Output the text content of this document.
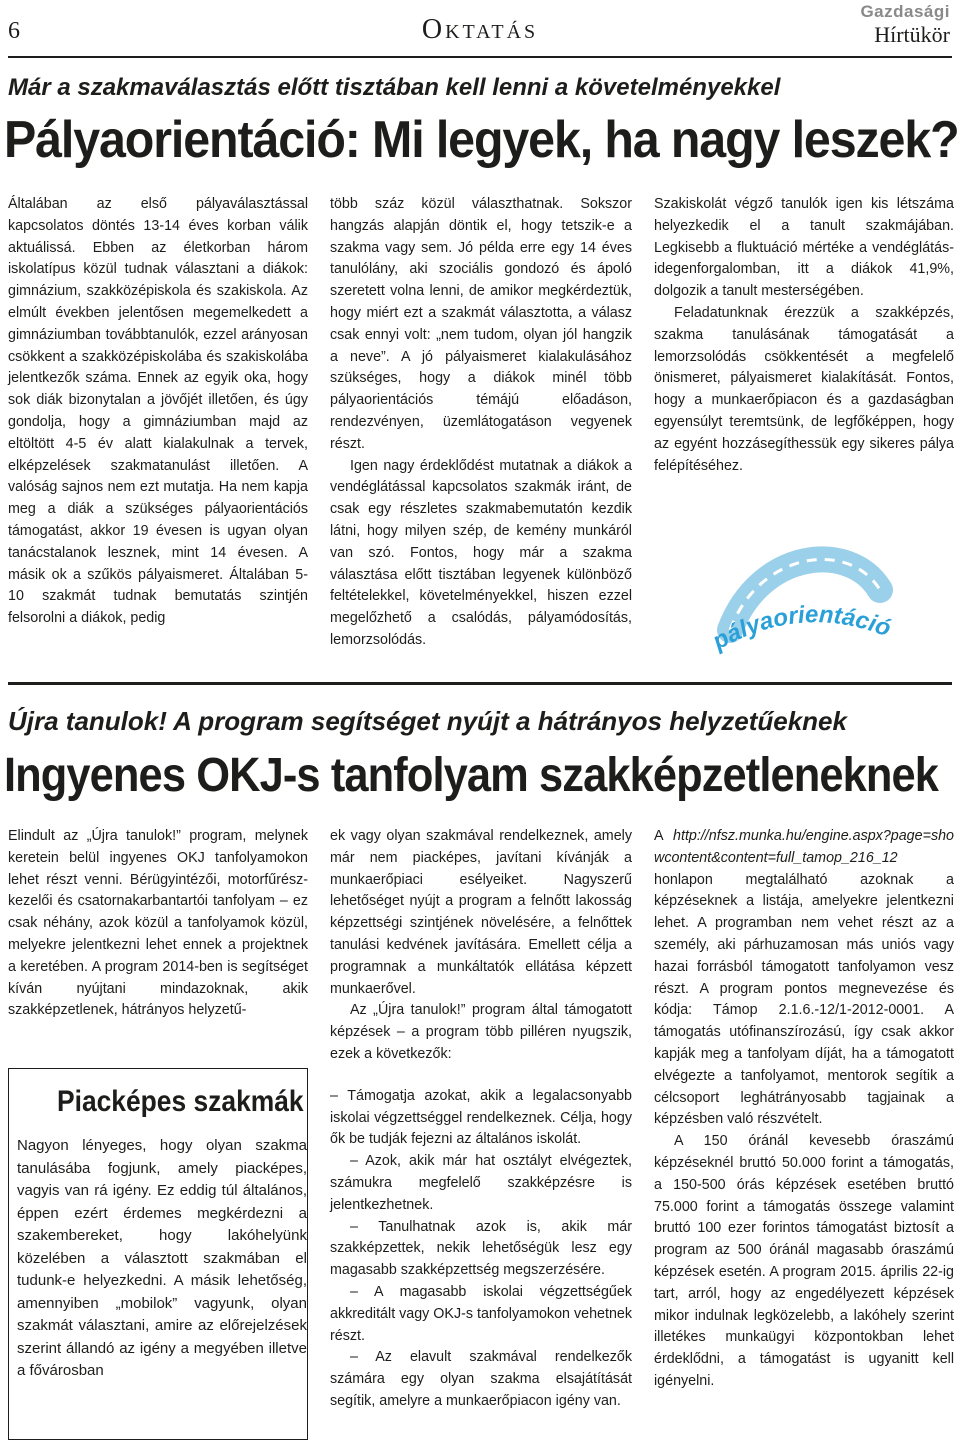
6	Oktatás
Gazdasági
Hírtükör
Már a szakmaválasztás előtt tisztában kell lenni a követelményekkel
Pályaorientáció: Mi legyek, ha nagy leszek?

Általában az első pályaválasztással kapcsolatos döntés 13-14 éves korban válik aktuálissá. Ebben az életkorban három iskolatípus közül tudnak választani a diákok: gimnázium, szakközépiskola és szakiskola. Az elmúlt években jelentősen megemelkedett a gimnáziumban továbbtanulók, ezzel arányosan csökkent a szakközépiskolába és szakiskolába jelentkezők száma. Ennek az egyik oka, hogy sok diák bizonytalan a jövőjét illetően, és úgy gondolja, hogy a gimnáziumban majd az eltöltött 4-5 év alatt kialakulnak a tervek, elképzelések szakmatanulást illetően. A valóság sajnos nem ezt mutatja. Ha nem kapja meg a diák a szükséges pályaorientációs támogatást, akkor 19 évesen is ugyan olyan tanácstalanok lesznek, mint 14 évesen. A másik ok a szűkös pályaismeret. Általában 5-10 szakmát tudnak bemutatás szintjén felsorolni a diákok, pedig

több száz közül választhatnak. Sokszor hangzás alapján döntik el, hogy tetszik-e a szakma vagy sem. Jó példa erre egy 14 éves tanulólány, aki szociális gondozó és ápoló szeretett volna lenni, de amikor megkérdeztük, hogy miért ezt a szakmát választotta, a válasz csak ennyi volt: „nem tudom, olyan jól hangzik a neve”. A jó pályaismeret kialakulásához szükséges, hogy a diákok minél több pályaorientációs témájú előadáson, rendezvényen, üzemlátogatáson vegyenek részt.

Igen nagy érdeklődést mutatnak a diákok a vendéglátással kapcsolatos szakmák iránt, de csak egy részletes szakmabemutatón kezdik látni, hogy milyen szép, de kemény munkáról van szó. Fontos, hogy már a szakma választása előtt tisztában legyenek különböző feltételekkel, követelményekkel, hiszen ezzel megelőzhető a csalódás, pályamódosítás, lemorzsolódás.

Szakiskolát végző tanulók igen kis létszáma helyezkedik el a tanult szakmájában. Legkisebb a fluktuáció mértéke a vendéglátás-idegenforgalomban, itt a diákok 41,9%, dolgozik a tanult mesterségében.

Feladatunknak érezzük a szakképzés, szakma tanulásának támogatását a lemorzsolódás csökkentését a megfelelő önismeret, pályaismeret kialakítását. Fontos, hogy a munkaerőpiacon és a gazdaságban egyensúlyt teremtsünk, de legfőképpen, hogy az egyént hozzásegíthessük egy sikeres pálya felépítéséhez.

pályaorientáció
Újra tanulok! A program segítséget nyújt a hátrányos helyzetűeknek
Ingyenes OKJ-s tanfolyam szakképzetleneknek

Elindult az „Újra tanulok!” program, melynek keretein belül ingyenes OKJ tanfolyamokon lehet részt venni. Bérügyintézői, motorfűrész-kezelői és csatornakarbantartói tanfolyam – ez csak néhány, azok közül a tanfolyamok közül, melyekre jelentkezni lehet ennek a projektnek a keretében. A program 2014-ben is segítséget kíván nyújtani mindazoknak, akik szakképzetlenek, hátrányos helyzetű-

Piacképes szakmák
Nagyon lényeges, hogy olyan szakma tanulásába fogjunk, amely piacképes, vagyis van rá igény. Ez eddig túl általános, éppen ezért érdemes megkérdezni a szakembereket, hogy lakóhelyünk közelében a választott szakmában el tudunk-e helyezkedni. A másik lehetőség, amennyiben „mobilok” vagyunk, olyan szakmát választani, amire az előrejelzések szerint állandó az igény a megyében illetve a fővárosban

ek vagy olyan szakmával rendelkeznek, amely már nem piacképes, javítani kívánják a munkaerőpiaci esélyeiket. Nagyszerű lehetőséget nyújt a program a felnőtt lakosság képzettségi szintjének növelésére, a felnőttek tanulási kedvének javítására. Emellett célja a programnak a munkáltatók ellátása képzett munkaerővel.

Az „Újra tanulok!” program által támogatott képzések – a program több pilléren nyugszik, ezek a következők:

– Támogatja azokat, akik a legalacsonyabb iskolai végzettséggel rendelkeznek. Célja, hogy ők be tudják fejezni az általános iskolát.

– Azok, akik már hat osztályt elvégeztek, számukra megfelelő szakképzésre is jelentkezhetnek.

– Tanulhatnak azok is, akik már szakképzettek, nekik lehetőségük lesz egy magasabb szakképzettség megszerzésére.

– A magasabb iskolai végzettségűek akkreditált vagy OKJ-s tanfolyamokon vehetnek részt.

– Az elavult szakmával rendelkezők számára egy olyan szakma elsajátítását segítik, amelyre a munkaerőpiacon igény van.

A http://nfsz.munka.hu/engine.aspx?page=showcontent&content=full_tamop_216_12 honlapon megtalálható azoknak a képzéseknek a listája, amelyekre jelentkezni lehet. A programban nem vehet részt az a személy, aki párhuzamosan más uniós vagy hazai forrásból támogatott tanfolyamon vesz részt. A program pontos megnevezése és kódja: Támop 2.1.6.-12/1-2012-0001. A támogatás utófinanszírozású, így csak akkor kapják meg a tanfolyam díját, ha a támogatott elvégezte a tanfolyamot, mentorok segítik a célcsoport leghátrányosabb tagjainak a képzésben való részvételt.

A 150 óránál kevesebb óraszámú képzéseknél bruttó 50.000 forint a támogatás, a 150-500 órás képzések esetében bruttó 75.000 forint a támogatás összege valamint bruttó 100 ezer forintos támogatást biztosít a program az 500 óránál magasabb óraszámú képzések esetén. A program 2015. április 22-ig tart, arról, hogy az engedélyezett képzések mikor indulnak legközelebb, a lakóhely szerint illetékes munkaügyi központokban lehet érdeklődni, a támogatást is ugyanitt kell igényelni.
